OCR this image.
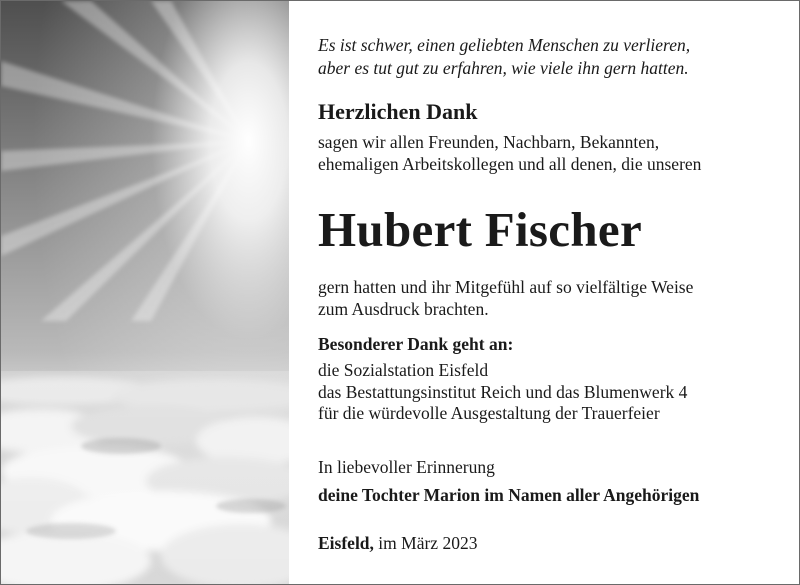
Es ist schwer, einen geliebten Menschen zu verlieren,
aber es tut gut zu erfahren, wie viele ihn gern hatten.
Herzlichen Dank
sagen wir allen Freunden, Nachbarn, Bekannten,
ehemaligen Arbeitskollegen und all denen, die unseren
Hubert Fischer
gern hatten und ihr Mitgefühl auf so vielfältige Weise
zum Ausdruck brachten.
Besonderer Dank geht an:
die Sozialstation Eisfeld
das Bestattungsinstitut Reich und das Blumenwerk 4
für die würdevolle Ausgestaltung der Trauerfeier
In liebevoller Erinnerung
deine Tochter Marion im Namen aller Angehörigen
Eisfeld, im März 2023
